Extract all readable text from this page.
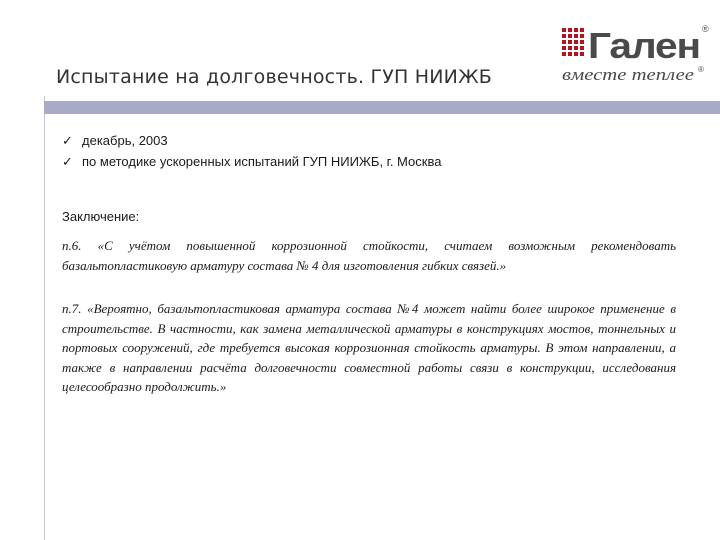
Испытание на долговечность. ГУП НИИЖБ
Гален ®
вместе теплее ®
✓ декабрь, 2003
✓ по методике ускоренных испытаний ГУП НИИЖБ, г. Москва
Заключение:

п.6. «С учётом повышенной коррозионной стойкости, считаем возможным рекомендовать базальтопластиковую арматуру состава № 4 для изготовления гибких связей.»

п.7. «Вероятно, базальтопластиковая арматура состава №4 может найти более широкое применение в строительстве. В частности, как замена металлической арматуры в конструкциях мостов, тоннельных и портовых сооружений, где требуется высокая коррозионная стойкость арматуры. В этом направлении, а также в направлении расчёта долговечности совместной работы связи в конструкции, исследования целесообразно продолжить.»
